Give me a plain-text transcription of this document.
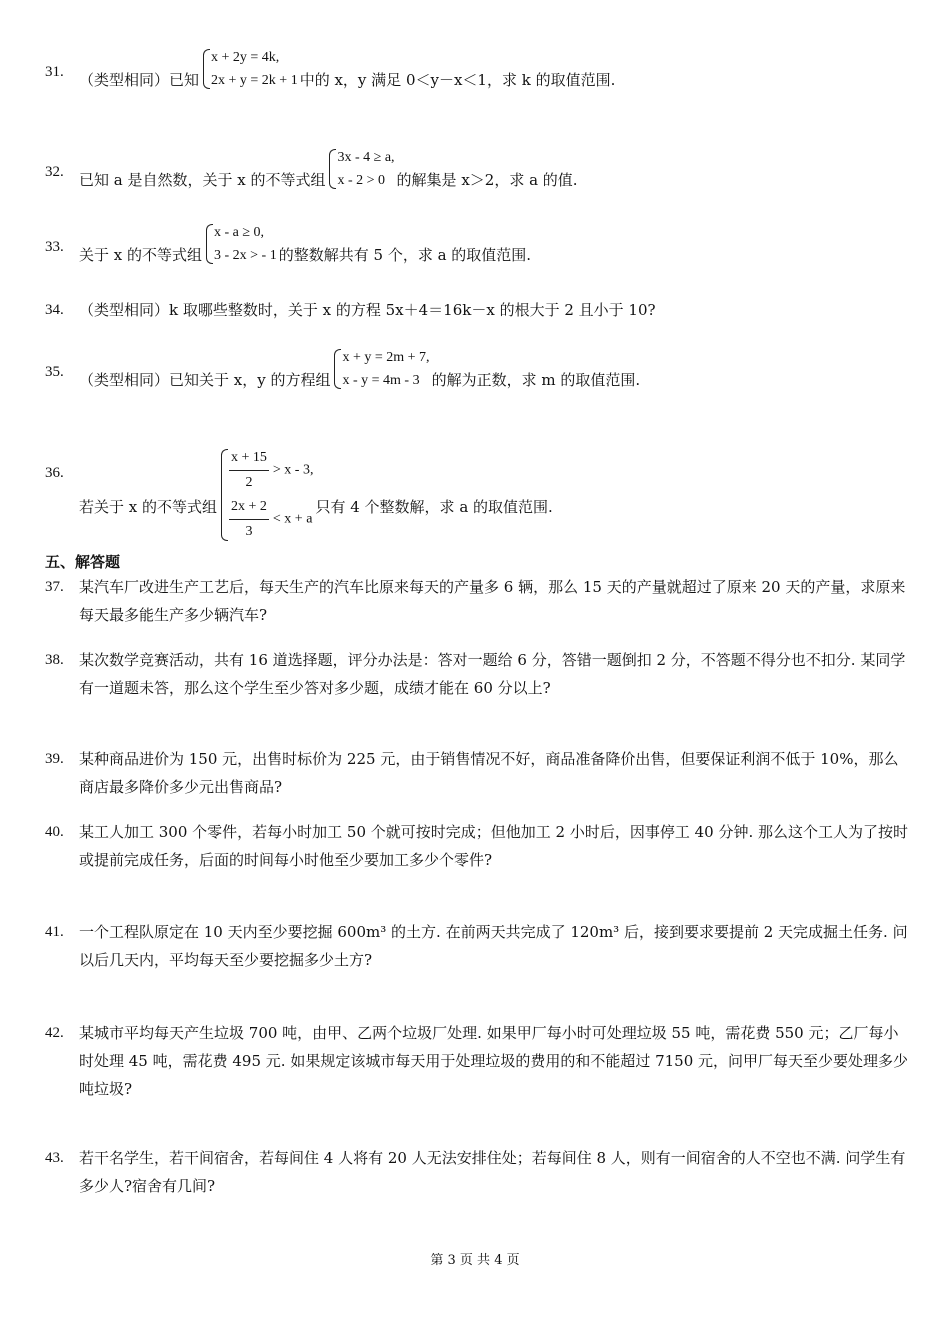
31.	（类型相同）已知x + 2y = 4k,
2x + y = 2k + 1 中的 x，y 满足 0＜y－x＜1，求 k 的取值范围.
32.	已知 a 是自然数，关于 x 的不等式组3x - 4 ≥ a,
x - 2 > 0 的解集是 x＞2，求 a 的值.
33.	关于 x 的不等式组x - a ≥ 0,
3 - 2x > - 1 的整数解共有 5 个，求 a 的取值范围.
34.	（类型相同）k 取哪些整数时，关于 x 的方程 5x＋4＝16k－x 的根大于 2 且小于 10?
35.	（类型相同）已知关于 x，y 的方程组x + y = 2m + 7,
x - y = 4m - 3 的解为正数，求 m 的取值范围.
36.
若关于 x 的不等式组
$\frac{x + 15}{2} > x - 3$,
$\frac{2x + 2}{3} < x + a$
只有 4 个整数解，求 a 的取值范围.
五、解答题
37.	某汽车厂改进生产工艺后，每天生产的汽车比原来每天的产量多 6 辆，那么 15 天的产量就超过了原来 20 天的产量，求原来每天最多能生产多少辆汽车?
38.	某次数学竞赛活动，共有 16 道选择题，评分办法是：答对一题给 6 分，答错一题倒扣 2 分，不答题不得分也不扣分. 某同学有一道题未答，那么这个学生至少答对多少题，成绩才能在 60 分以上?
39.	某种商品进价为 150 元，出售时标价为 225 元，由于销售情况不好，商品准备降价出售，但要保证利润不低于 10%，那么商店最多降价多少元出售商品?
40.	某工人加工 300 个零件，若每小时加工 50 个就可按时完成；但他加工 2 小时后，因事停工 40 分钟. 那么这个工人为了按时或提前完成任务，后面的时间每小时他至少要加工多少个零件?
41.	一个工程队原定在 10 天内至少要挖掘 600m³ 的土方. 在前两天共完成了 120m³ 后，接到要求要提前 2 天完成掘土任务. 问以后几天内，平均每天至少要挖掘多少土方?
42.	某城市平均每天产生垃圾 700 吨，由甲、乙两个垃圾厂处理. 如果甲厂每小时可处理垃圾 55 吨，需花费 550 元；乙厂每小时处理 45 吨，需花费 495 元. 如果规定该城市每天用于处理垃圾的费用的和不能超过 7150 元，问甲厂每天至少要处理多少吨垃圾?
43.	若干名学生，若干间宿舍，若每间住 4 人将有 20 人无法安排住处；若每间住 8 人，则有一间宿舍的人不空也不满. 问学生有多少人?宿舍有几间?
第 3 页 共 4 页
